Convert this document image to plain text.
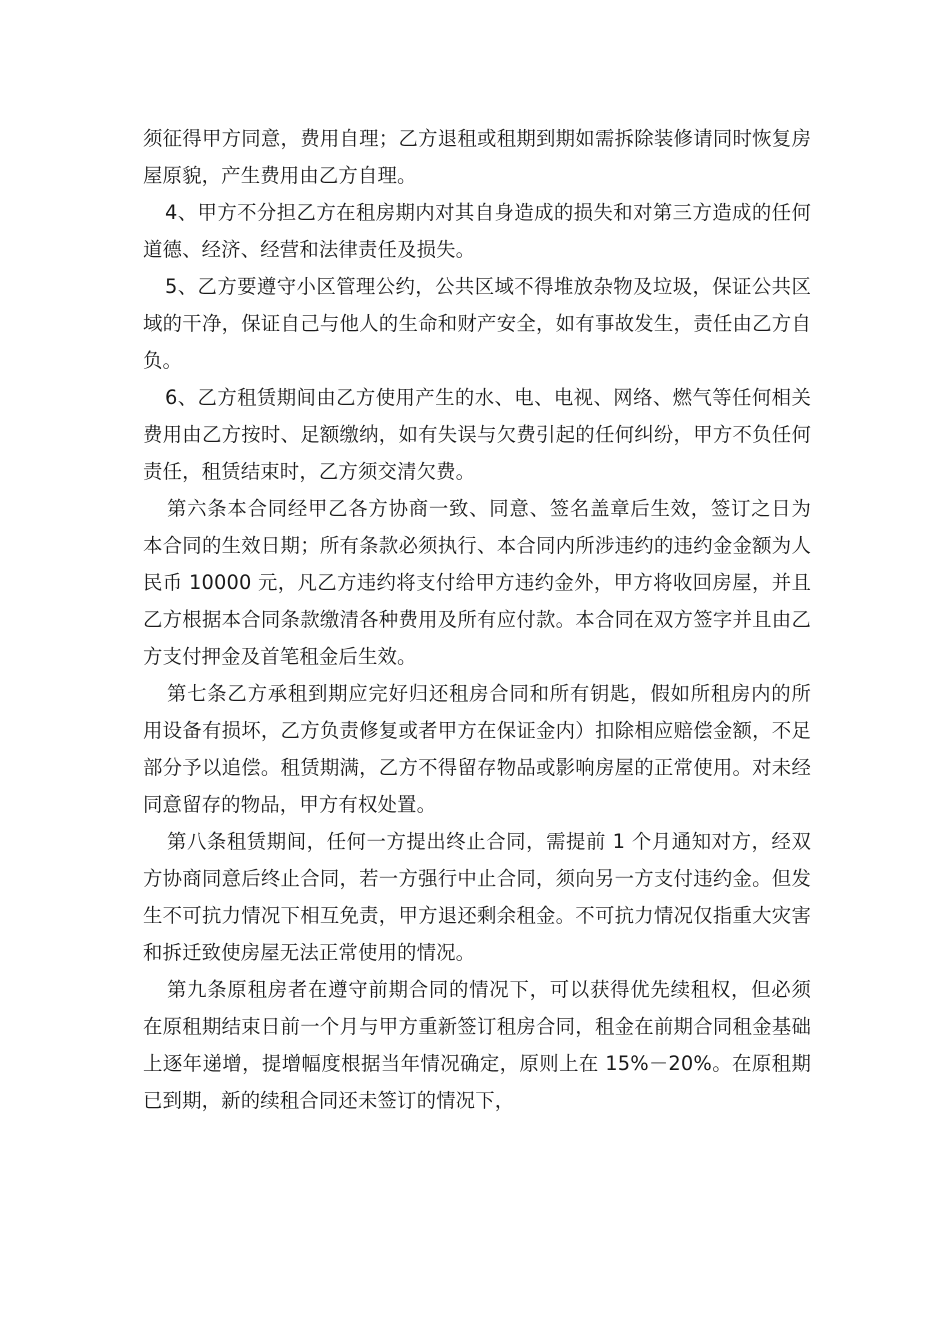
须征得甲方同意，费用自理；乙方退租或租期到期如需拆除装修请同时恢复房屋原貌，产生费用由乙方自理。

4、甲方不分担乙方在租房期内对其自身造成的损失和对第三方造成的任何道德、经济、经营和法律责任及损失。

5、乙方要遵守小区管理公约，公共区域不得堆放杂物及垃圾，保证公共区域的干净，保证自己与他人的生命和财产安全，如有事故发生，责任由乙方自负。

6、乙方租赁期间由乙方使用产生的水、电、电视、网络、燃气等任何相关费用由乙方按时、足额缴纳，如有失误与欠费引起的任何纠纷，甲方不负任何责任，租赁结束时，乙方须交清欠费。

第六条本合同经甲乙各方协商一致、同意、签名盖章后生效，签订之日为本合同的生效日期；所有条款必须执行、本合同内所涉违约的违约金金额为人民币 10000 元，凡乙方违约将支付给甲方违约金外，甲方将收回房屋，并且乙方根据本合同条款缴清各种费用及所有应付款。本合同在双方签字并且由乙方支付押金及首笔租金后生效。

第七条乙方承租到期应完好归还租房合同和所有钥匙，假如所租房内的所用设备有损坏，乙方负责修复或者甲方在保证金内）扣除相应赔偿金额，不足部分予以追偿。租赁期满，乙方不得留存物品或影响房屋的正常使用。对未经同意留存的物品，甲方有权处置。

第八条租赁期间，任何一方提出终止合同，需提前 1 个月通知对方，经双方协商同意后终止合同，若一方强行中止合同，须向另一方支付违约金。但发生不可抗力情况下相互免责，甲方退还剩余租金。不可抗力情况仅指重大灾害和拆迁致使房屋无法正常使用的情况。

第九条原租房者在遵守前期合同的情况下，可以获得优先续租权，但必须在原租期结束日前一个月与甲方重新签订租房合同，租金在前期合同租金基础上逐年递增，提增幅度根据当年情况确定，原则上在 15%－20%。在原租期已到期，新的续租合同还未签订的情况下，
